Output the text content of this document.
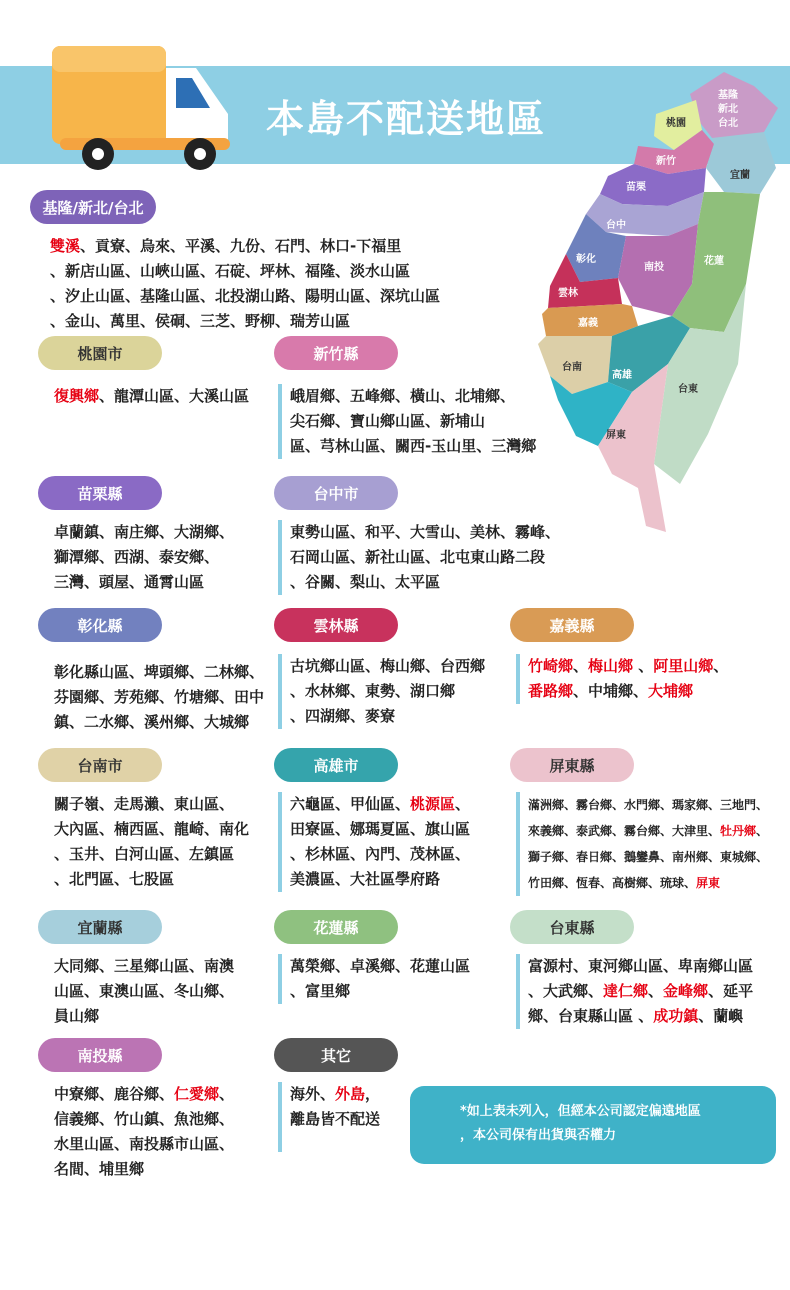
本島不配送地區
基隆
新北
台北
桃園
新竹
宜蘭
苗栗
台中
彰化
南投
花蓮
雲林
嘉義
台南
高雄
台東
屏東
基隆/新北/台北
桃園市	新竹縣
苗栗縣	台中市
彰化縣	雲林縣	嘉義縣
台南市	高雄市	屏東縣
宜蘭縣	花蓮縣	台東縣
南投縣	其它
雙溪、貢寮、烏來、平溪、九份、石門、林口-下福里
、新店山區、山峽山區、石碇、坪林、福隆、淡水山區
、汐止山區、基隆山區、北投湖山路、陽明山區、深坑山區
、金山、萬里、侯硐、三芝、野柳、瑞芳山區
復興鄉、龍潭山區、大溪山區	峨眉鄉、五峰鄉、橫山、北埔鄉、
尖石鄉、寶山鄉山區、新埔山
區、芎林山區、關西-玉山里、三灣鄉
卓蘭鎮、南庄鄉、大湖鄉、
獅潭鄉、西湖、泰安鄉、
三灣、頭屋、通霄山區
東勢山區、和平、大雪山、美林、霧峰、
石岡山區、新社山區、北屯東山路二段
、谷關、梨山、太平區
彰化縣山區、埤頭鄉、二林鄉、
芬園鄉、芳苑鄉、竹塘鄉、田中
鎮、二水鄉、溪州鄉、大城鄉
古坑鄉山區、梅山鄉、台西鄉
、水林鄉、東勢、湖口鄉
、四湖鄉、麥寮
竹崎鄉、梅山鄉 、阿里山鄉、
番路鄉、中埔鄉、大埔鄉
關子嶺、走馬瀨、東山區、
大內區、楠西區、龍崎、南化
、玉井、白河山區、左鎮區
、北門區、七股區
六龜區、甲仙區、桃源區、
田寮區、娜瑪夏區、旗山區
、杉林區、內門、茂林區、
美濃區、大社區學府路
滿洲鄉、霧台鄉、水門鄉、瑪家鄉、三地門、
來義鄉、泰武鄉、霧台鄉、大津里、牡丹鄉、
獅子鄉、春日鄉、鵝鑾鼻、南州鄉、東城鄉、
竹田鄉、恆春、高樹鄉、琉球、屏東
大同鄉、三星鄉山區、南澳
山區、東澳山區、冬山鄉、
員山鄉
萬榮鄉、卓溪鄉、花蓮山區
、富里鄉
富源村、東河鄉山區、卑南鄉山區
、大武鄉、達仁鄉、金峰鄉、延平
鄉、台東縣山區 、成功鎮、蘭嶼
中寮鄉、鹿谷鄉、仁愛鄉、
信義鄉、竹山鎮、魚池鄉、
水里山區、南投縣市山區、
名間、埔里鄉
海外、外島，
離島皆不配送	*如上表未列入，但經本公司認定偏遠地區
，本公司保有出貨與否權力
